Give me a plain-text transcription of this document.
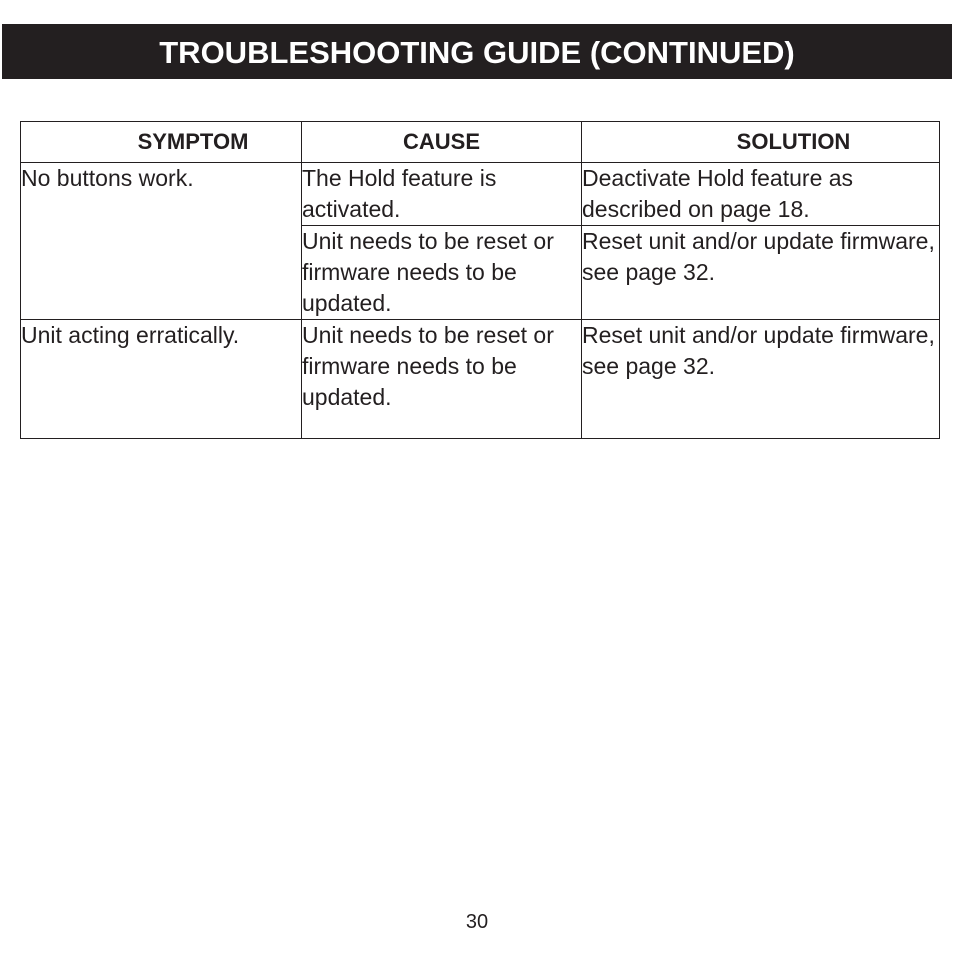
TROUBLESHOOTING GUIDE (CONTINUED)
SYMPTOM	CAUSE	SOLUTION

No buttons work.	The Hold feature is activated.	Deactivate Hold feature as described on page 18.

	Unit needs to be reset or firmware needs to be updated.	Reset unit and/or update firmware, see page 32.

Unit acting erratically.	Unit needs to be reset or firmware needs to be updated.	Reset unit and/or update firmware, see page 32.
30
